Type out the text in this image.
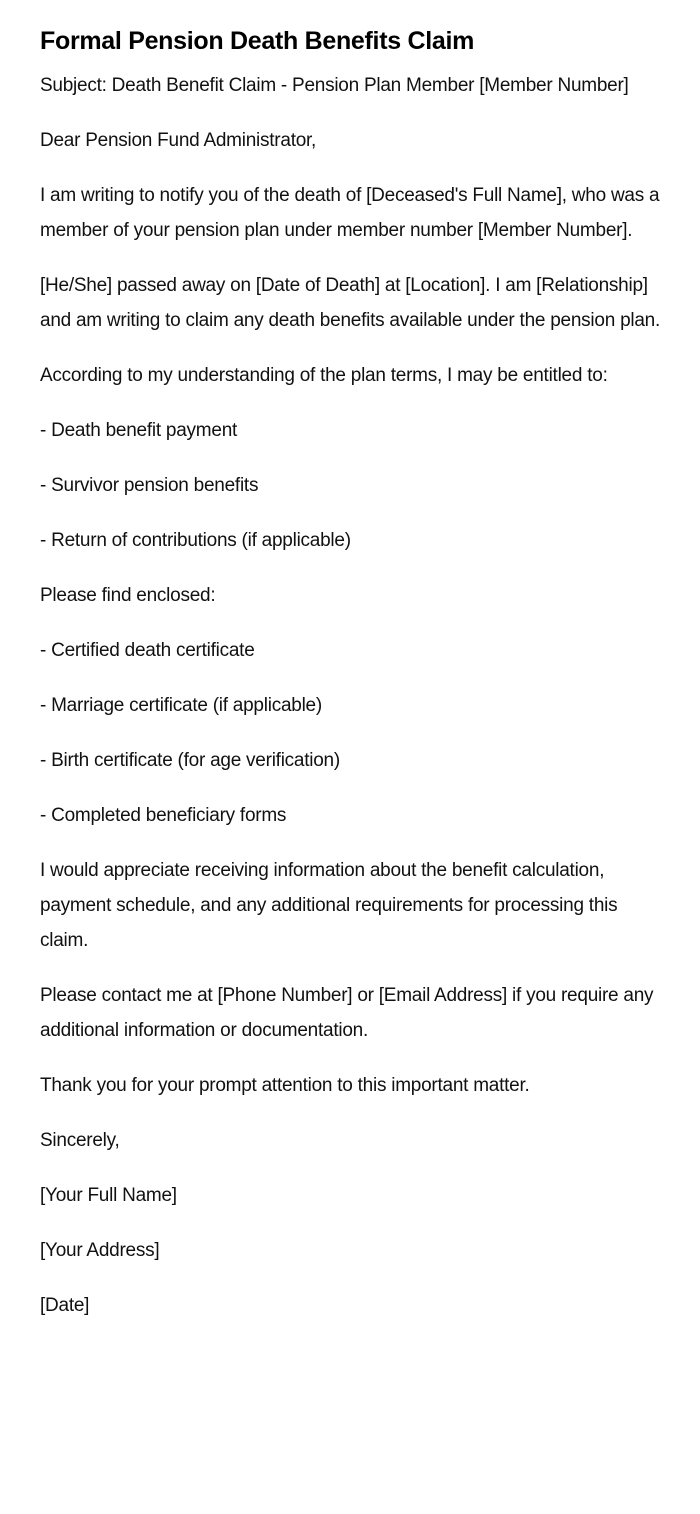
Formal Pension Death Benefits Claim

Subject: Death Benefit Claim - Pension Plan Member [Member Number]

Dear Pension Fund Administrator,

I am writing to notify you of the death of [Deceased's Full Name], who was a member of your pension plan under member number [Member Number].

[He/She] passed away on [Date of Death] at [Location]. I am [Relationship] and am writing to claim any death benefits available under the pension plan.

According to my understanding of the plan terms, I may be entitled to:

- Death benefit payment

- Survivor pension benefits

- Return of contributions (if applicable)

Please find enclosed:

- Certified death certificate

- Marriage certificate (if applicable)

- Birth certificate (for age verification)

- Completed beneficiary forms

I would appreciate receiving information about the benefit calculation, payment schedule, and any additional requirements for processing this claim.

Please contact me at [Phone Number] or [Email Address] if you require any additional information or documentation.

Thank you for your prompt attention to this important matter.

Sincerely,

[Your Full Name]

[Your Address]

[Date]
